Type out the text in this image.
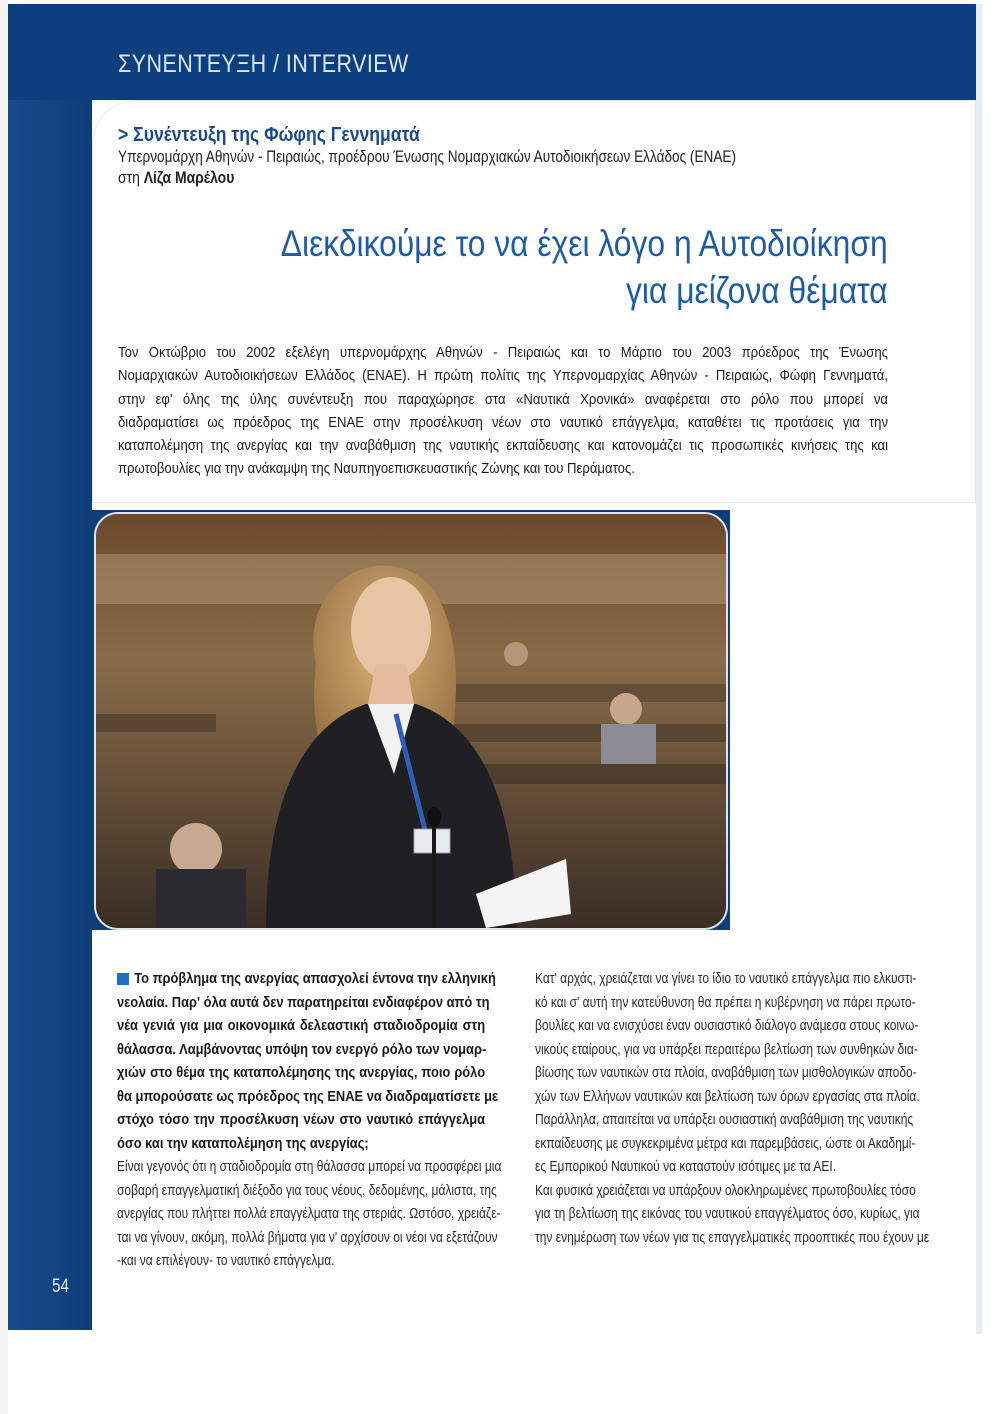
ΣΥΝΕΝΤΕΥΞΗ / INTERVIEW
> Συνέντευξη της Φώφης Γεννηματά
Υπερνομάρχη Αθηνών - Πειραιώς, προέδρου Ένωσης Νομαρχιακών Αυτοδιοικήσεων Ελλάδος (ΕΝΑΕ)
στη Λίζα Μαρέλου
Διεκδικούμε το να έχει λόγο η Αυτοδιοίκηση
για μείζονα θέματα
Τον Οκτώβριο του 2002 εξελέγη υπερνομάρχης Αθηνών - Πειραιώς και το Μάρτιο του 2003 πρόεδρος της Ένωσης
Νομαρχιακών Αυτοδιοικήσεων Ελλάδος (ΕΝΑΕ). Η πρώτη πολίτις της Υπερνομαρχίας Αθηνών - Πειραιώς, Φώφη Γεννηματά,
στην εφ' όλης της ύλης συνέντευξη που παραχώρησε στα «Ναυτικά Χρονικά» αναφέρεται στο ρόλο που μπορεί να
διαδραματίσει ως πρόεδρος της ΕΝΑΕ στην προσέλκυση νέων στο ναυτικό επάγγελμα, καταθέτει τις προτάσεις για την
καταπολέμηση της ανεργίας και την αναβάθμιση της ναυτικής εκπαίδευσης και κατονομάζει τις προσωπικές κινήσεις της και
πρωτοβουλίες για την ανάκαμψη της Ναυπηγοεπισκευαστικής Ζώνης και του Περάματος.
Το πρόβλημα της ανεργίας απασχολεί έντονα την ελληνική
νεολαία. Παρ' όλα αυτά δεν παρατηρείται ενδιαφέρον από τη
νέα γενιά για μια οικονομικά δελεαστική σταδιοδρομία στη
θάλασσα. Λαμβάνοντας υπόψη τον ενεργό ρόλο των νομαρ-
χιών στο θέμα της καταπολέμησης της ανεργίας, ποιο ρόλο
θα μπορούσατε ως πρόεδρος της ΕΝΑΕ να διαδραματίσετε με
στόχο τόσο την προσέλκυση νέων στο ναυτικό επάγγελμα
όσο και την καταπολέμηση της ανεργίας;
Είναι γεγονός ότι η σταδιοδρομία στη θάλασσα μπορεί να προσφέρει μια
σοβαρή επαγγελματική διέξοδο για τους νέους, δεδομένης, μάλιστα, της
ανεργίας που πλήττει πολλά επαγγέλματα της στεριάς. Ωστόσο, χρειάζε-
ται να γίνουν, ακόμη, πολλά βήματα για ν' αρχίσουν οι νέοι να εξετάζουν
-και να επιλέγουν- το ναυτικό επάγγελμα.
Κατ' αρχάς, χρειάζεται να γίνει το ίδιο το ναυτικό επάγγελμα πιο ελκυστι-
κό και σ' αυτή την κατεύθυνση θα πρέπει η κυβέρνηση να πάρει πρωτο-
βουλίες και να ενισχύσει έναν ουσιαστικό διάλογο ανάμεσα στους κοινω-
νικούς εταίρους, για να υπάρξει περαιτέρω βελτίωση των συνθηκών δια-
βίωσης των ναυτικών στα πλοία, αναβάθμιση των μισθολογικών αποδο-
χών των Ελλήνων ναυτικών και βελτίωση των όρων εργασίας στα πλοία.
Παράλληλα, απαιτείται να υπάρξει ουσιαστική αναβάθμιση της ναυτικής
εκπαίδευσης με συγκεκριμένα μέτρα και παρεμβάσεις, ώστε οι Ακαδημί-
ες Εμπορικού Ναυτικού να καταστούν ισότιμες με τα ΑΕΙ.
Και φυσικά χρειάζεται να υπάρξουν ολοκληρωμένες πρωτοβουλίες τόσο
για τη βελτίωση της εικόνας του ναυτικού επαγγέλματος όσο, κυρίως, για
την ενημέρωση των νέων για τις επαγγελματικές προοπτικές που έχουν με
54
